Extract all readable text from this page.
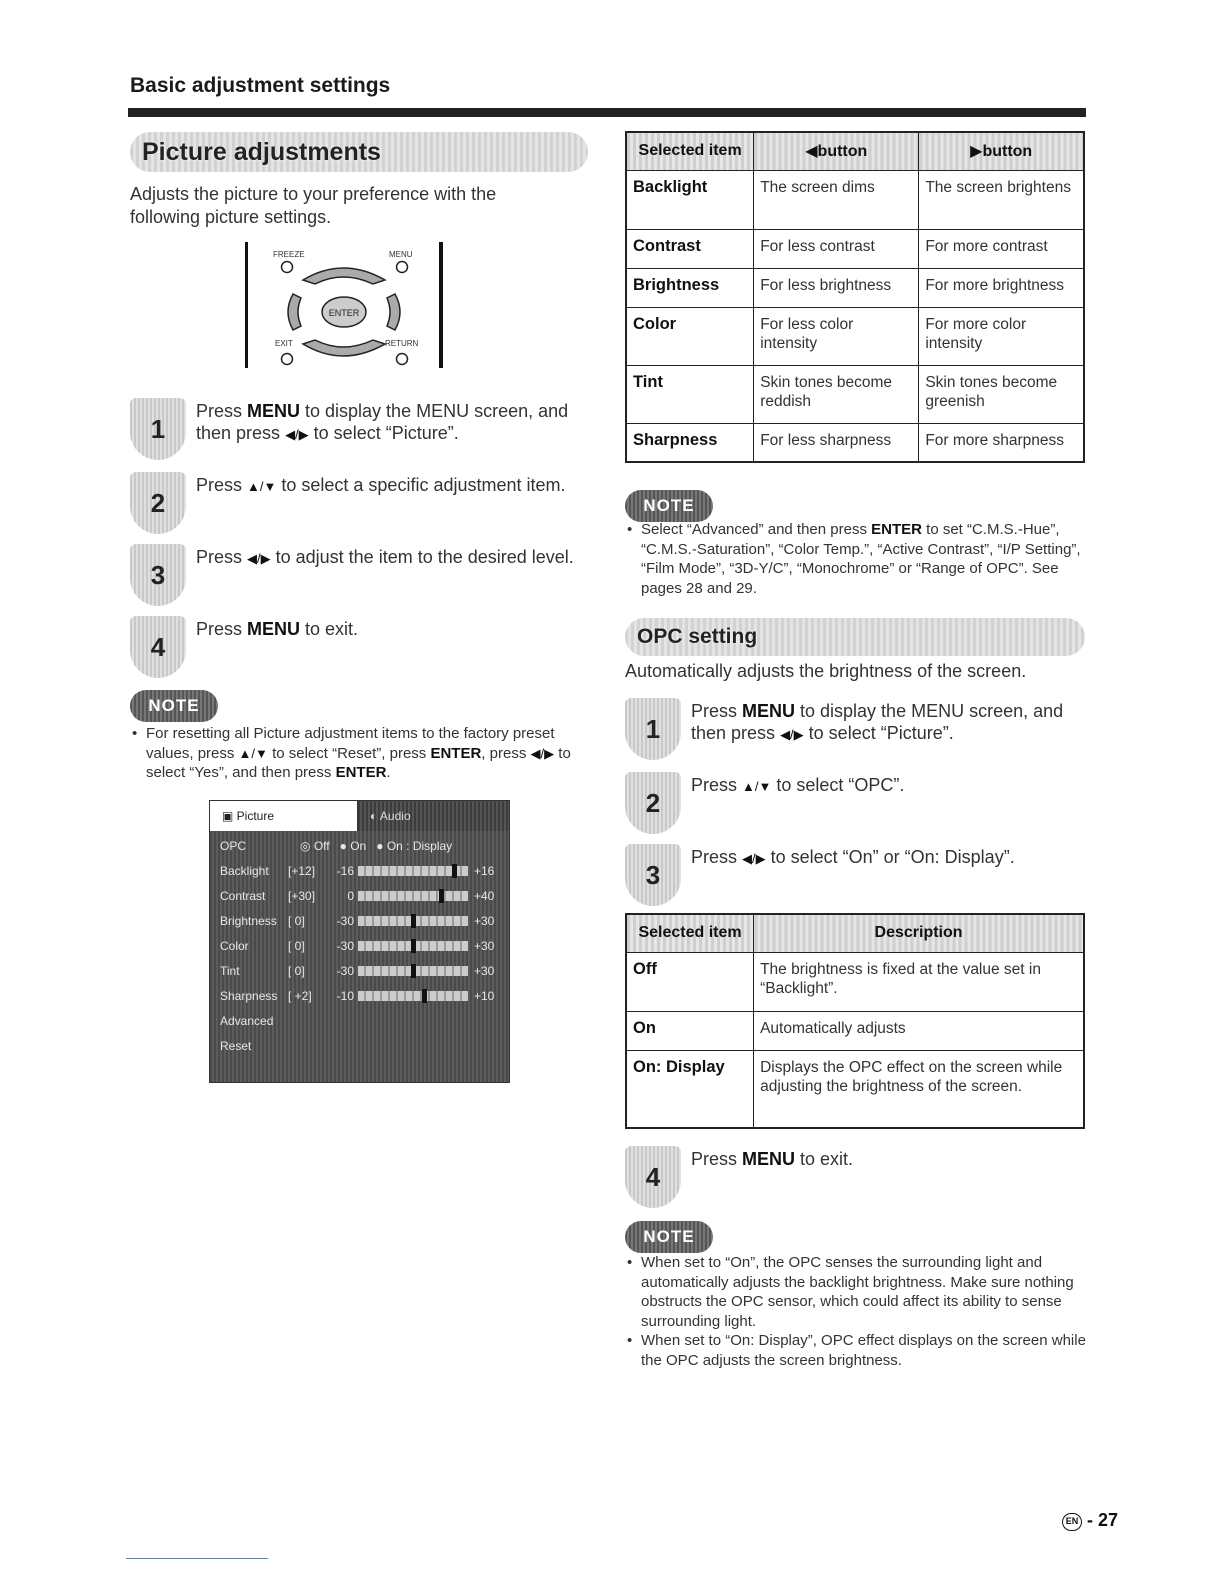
Basic adjustment settings
Picture adjustments
Adjusts the picture to your preference with the following picture settings.
FREEZE	MENU
ENTER
EXIT	RETURN
1
Press MENU to display the MENU screen, and then press ◀/▶ to select “Picture”.
2
Press ▲/▼ to select a specific adjustment item.
3
Press ◀/▶ to adjust the item to the desired level.
4
Press MENU to exit.
NOTE
• For resetting all Picture adjustment items to the factory preset values, press ▲/▼ to select “Reset”, press ENTER, press ◀/▶ to select “Yes”, and then press ENTER.
▣ Picture	◐ Audio
OPC	◎ Off ● On ● On : Display
Backlight	[+12]	-16	+16
Contrast	[+30]	0	+40
Brightness [ 0]	-30	+30
Color	[ 0]	-30	+30
Tint	[ 0]	-30	+30
Sharpness [ +2]	-10	+10
Advanced
Reset
Selected item	◀button	▶button
Backlight	The screen dims	The screen brightens
Contrast	For less contrast	For more contrast
Brightness	For less brightness	For more brightness
Color	For less color intensity	For more color intensity
Tint	Skin tones become reddish	Skin tones become greenish
Sharpness	For less sharpness	For more sharpness
NOTE
• Select “Advanced” and then press ENTER to set “C.M.S.-Hue”, “C.M.S.-Saturation”, “Color Temp.”, “Active Contrast”, “I/P Setting”, “Film Mode”, “3D-Y/C”, “Monochrome” or “Range of OPC”. See pages 28 and 29.
OPC setting
Automatically adjusts the brightness of the screen.
1
Press MENU to display the MENU screen, and then press ◀/▶ to select “Picture”.
2
Press ▲/▼ to select “OPC”.
3
Press ◀/▶ to select “On” or “On: Display”.
Selected item	Description
Off	The brightness is fixed at the value set in “Backlight”.
On	Automatically adjusts
On: Display	Displays the OPC effect on the screen while adjusting the brightness of the screen.
4
Press MENU to exit.
NOTE
• When set to “On”, the OPC senses the surrounding light and automatically adjusts the backlight brightness. Make sure nothing obstructs the OPC sensor, which could affect its ability to sense surrounding light.
• When set to “On: Display”, OPC effect displays on the screen while the OPC adjusts the screen brightness.
EN - 27
